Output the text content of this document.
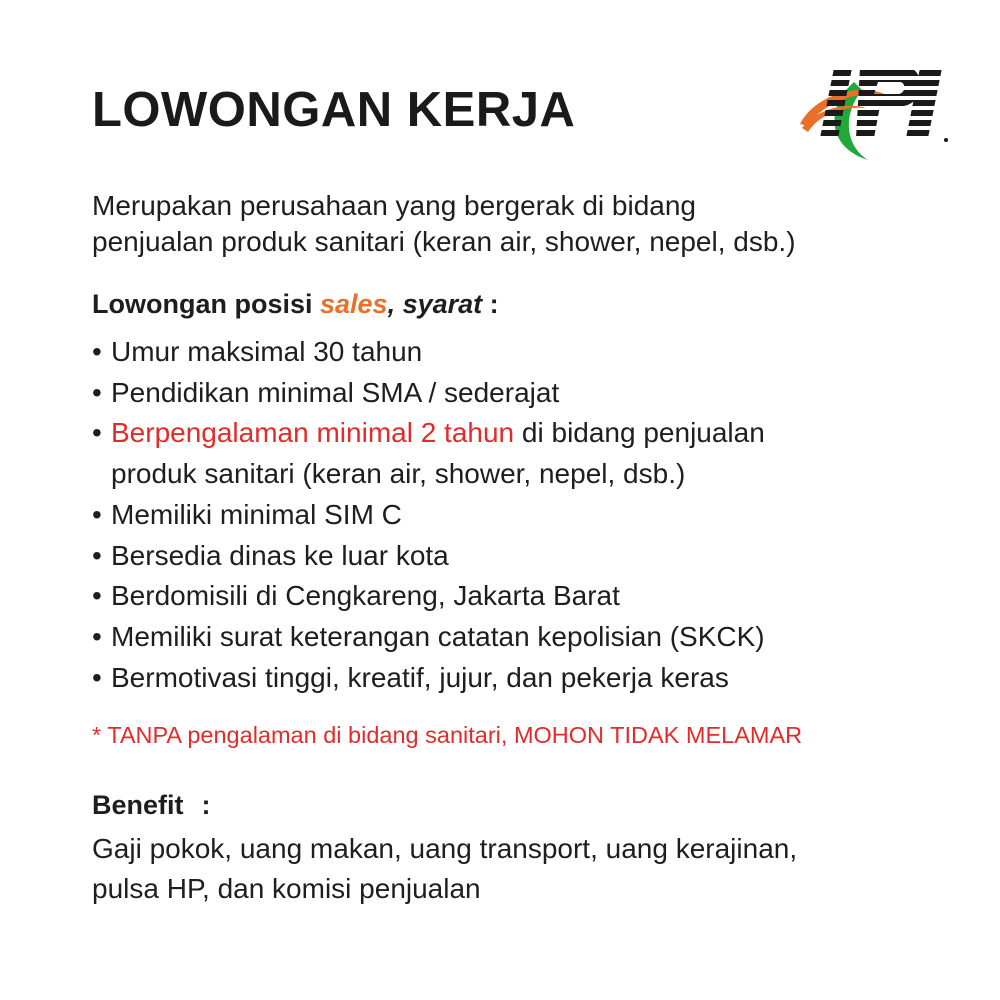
LOWONGAN KERJA

Merupakan perusahaan yang bergerak di bidang
penjualan produk sanitari (keran air, shower, nepel, dsb.)

Lowongan posisi sales, syarat :

• Umur maksimal 30 tahun
• Pendidikan minimal SMA / sederajat
• Berpengalaman minimal 2 tahun di bidang penjualan
produk sanitari (keran air, shower, nepel, dsb.)
• Memiliki minimal SIM C
• Bersedia dinas ke luar kota
• Berdomisili di Cengkareng, Jakarta Barat
• Memiliki surat keterangan catatan kepolisian (SKCK)
• Bermotivasi tinggi, kreatif, jujur, dan pekerja keras

* TANPA pengalaman di bidang sanitari, MOHON TIDAK MELAMAR

Benefit :

Gaji pokok, uang makan, uang transport, uang kerajinan,
pulsa HP, dan komisi penjualan
